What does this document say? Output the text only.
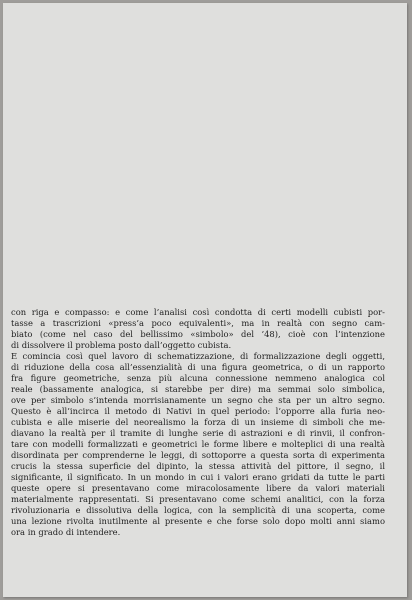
con riga e compasso: e come l’analisi così condotta di certi modelli cubisti por-
tasse a trascrizioni «press’a poco equivalenti», ma in realtà con segno cam-
biato (come nel caso del bellissimo «simbolo» del ’48), cioè con l’intenzione
di dissolvere il problema posto dall’oggetto cubista.
E comincia così quel lavoro di schematizzazione, di formalizzazione degli oggetti,
di riduzione della cosa all’essenzialità di una figura geometrica, o di un rapporto
fra figure geometriche, senza più alcuna connessione nemmeno analogica col
reale (bassamente analogica, si starebbe per dire) ma semmai solo simbolica,
ove per simbolo s’intenda morrisianamente un segno che sta per un altro segno.
Questo è all’incirca il metodo di Nativi in quel periodo: l’opporre alla furia neo-
cubista e alle miserie del neorealismo la forza di un insieme di simboli che me-
diavano la realtà per il tramite di lunghe serie di astrazioni e di rinvii, il confron-
tare con modelli formalizzati e geometrici le forme libere e molteplici di una realtà
disordinata per comprenderne le leggi, di sottoporre a questa sorta di experimenta
crucis la stessa superficie del dipinto, la stessa attività del pittore, il segno, il
significante, il significato. In un mondo in cui i valori erano gridati da tutte le parti
queste opere si presentavano come miracolosamente libere da valori materiali
materialmente rappresentati. Si presentavano come schemi analitici, con la forza
rivoluzionaria e dissolutiva della logica, con la semplicità di una scoperta, come
una lezione rivolta inutilmente al presente e che forse solo dopo molti anni siamo
ora in grado di intendere.
